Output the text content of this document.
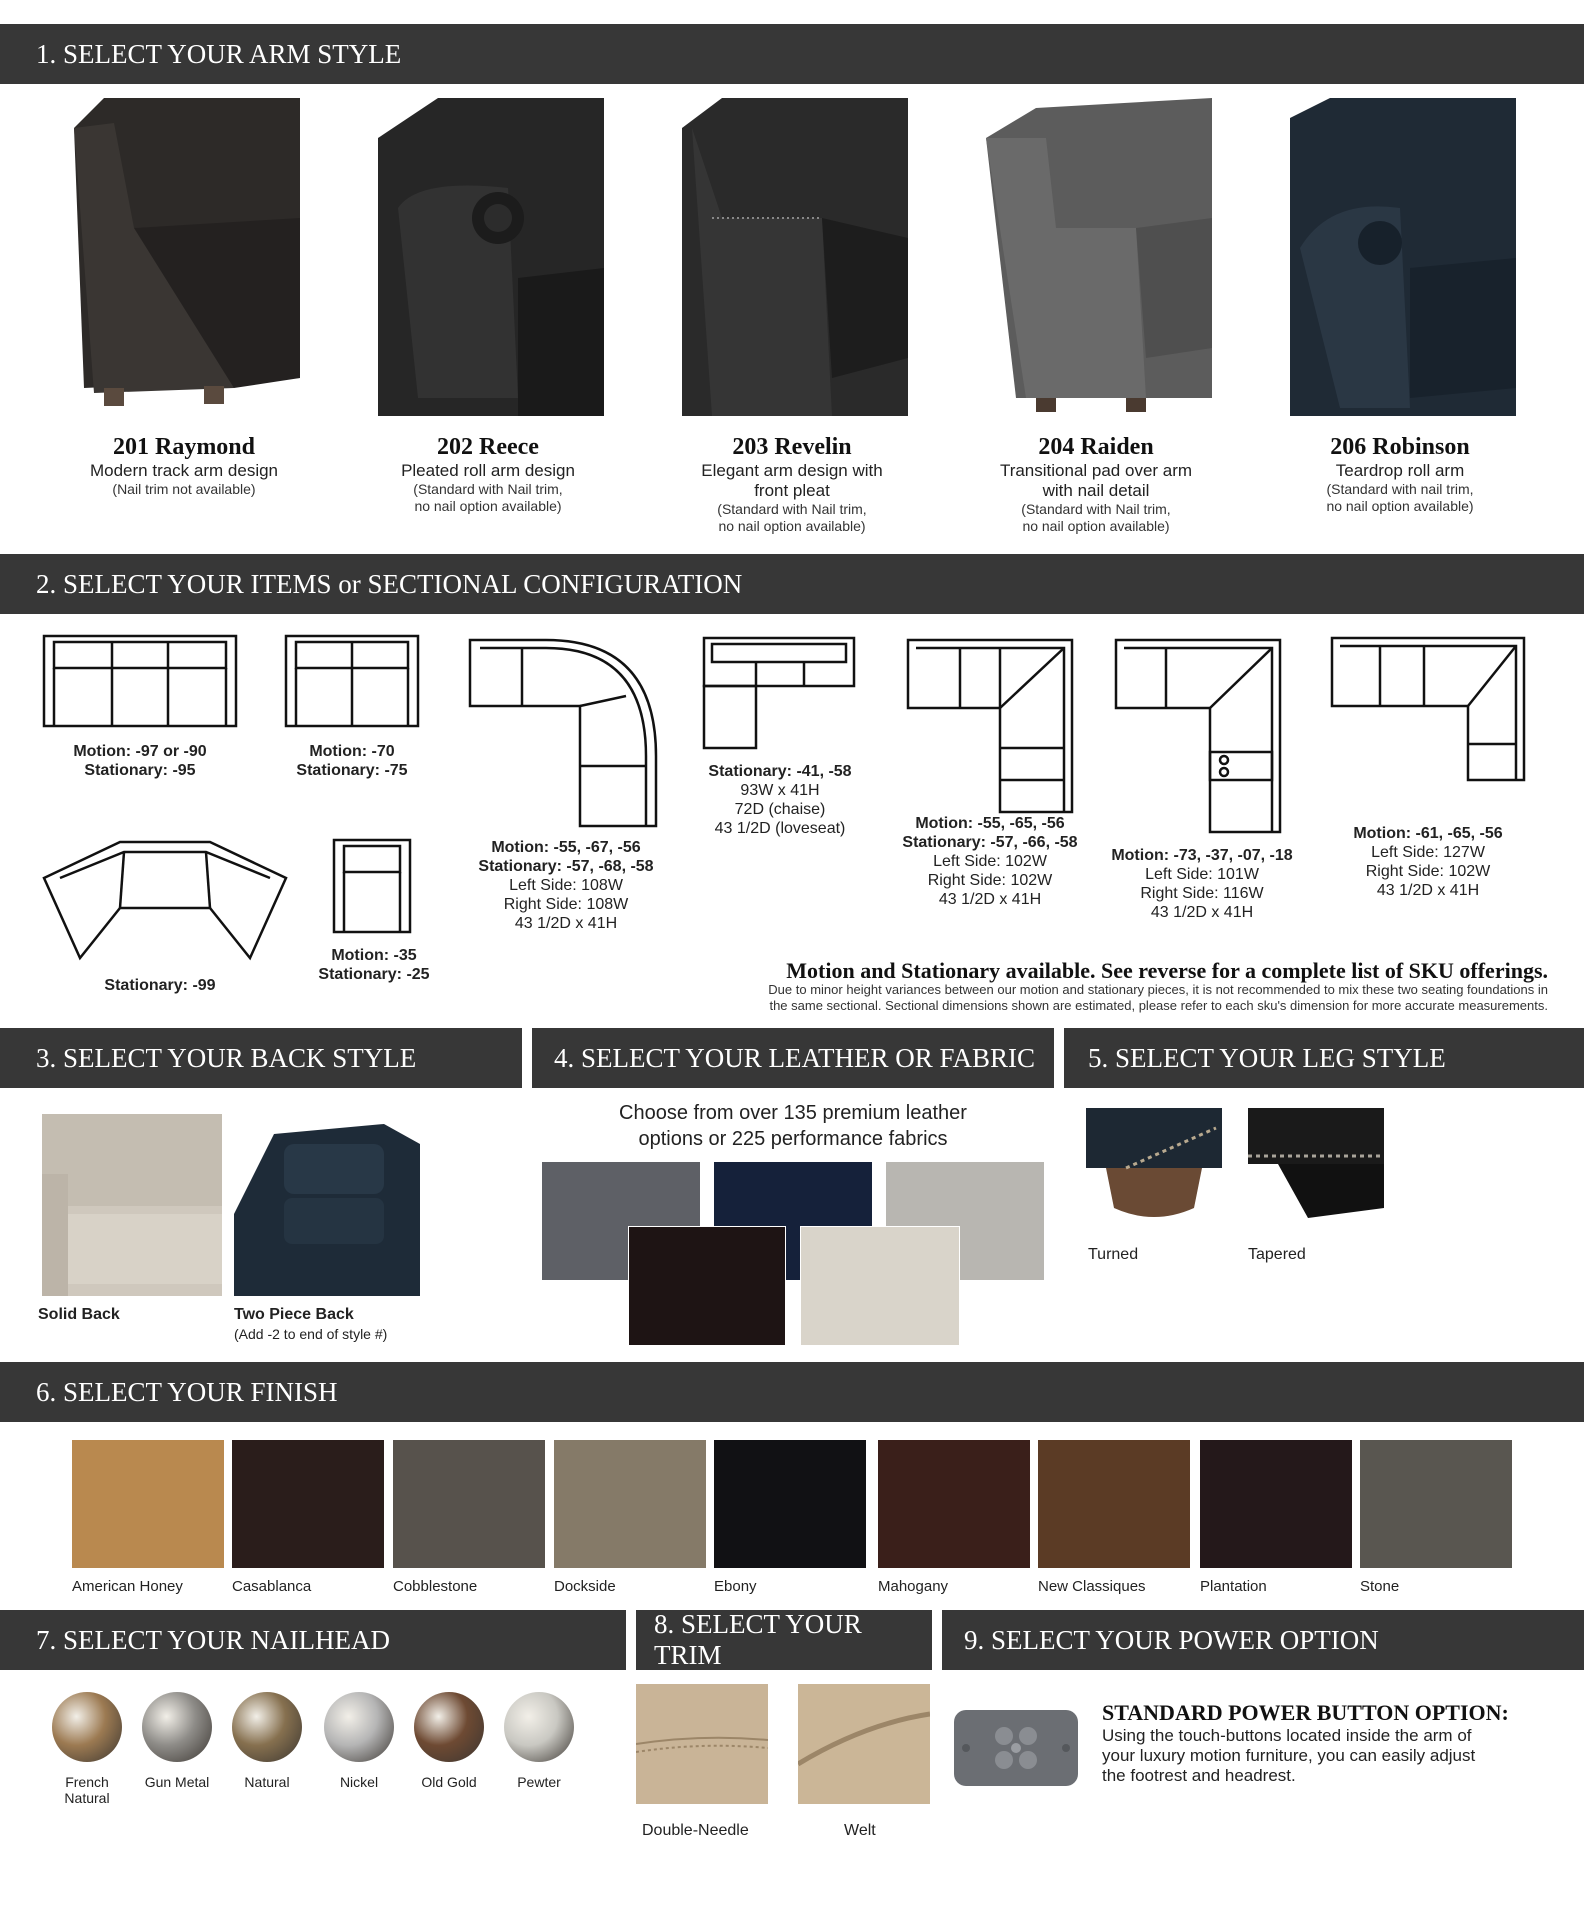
1. SELECT YOUR ARM STYLE
201 Raymond
Modern track arm design
(Nail trim not available)
202 Reece
Pleated roll arm design
(Standard with Nail trim,
no nail option available)
203 Revelin
Elegant arm design with
front pleat
(Standard with Nail trim,
no nail option available)
204 Raiden
Transitional pad over arm
with nail detail
(Standard with Nail trim,
no nail option available)
206 Robinson
Teardrop roll arm
(Standard with nail trim,
no nail option available)
2. SELECT YOUR ITEMS or SECTIONAL CONFIGURATION
Motion: -97 or -90
Stationary: -95
Motion: -70
Stationary: -75
Motion: -55, -67, -56
Stationary: -57, -68, -58
Left Side: 108W
Right Side: 108W
43 1/2D x 41H
Stationary: -41, -58
93W x 41H
72D (chaise)
43 1/2D (loveseat)	Motion: -55, -65, -56
Stationary: -57, -66, -58
Left Side: 102W
Right Side: 102W
43 1/2D x 41H
Motion: -73, -37, -07, -18
Left Side: 101W
Right Side: 116W
43 1/2D x 41H
Motion: -61, -65, -56
Left Side: 127W
Right Side: 102W
43 1/2D x 41H
Stationary: -99
Motion: -35
Stationary: -25	Motion and Stationary available. See reverse for a complete list of SKU offerings.
Due to minor height variances between our motion and stationary pieces, it is not recommended to mix these two seating foundations in
the same sectional. Sectional dimensions shown are estimated, please refer to each sku's dimension for more accurate measurements.
3. SELECT YOUR BACK STYLE	4. SELECT YOUR LEATHER OR FABRIC 5. SELECT YOUR LEG STYLE
Solid Back	Two Piece Back
(Add -2 to end of style #)
Choose from over 135 premium leather
options or 225 performance fabrics
Turned	Tapered
6. SELECT YOUR FINISH
American Honey	Casablanca	Cobblestone	Dockside	Ebony	Mahogany	New Classiques	Plantation	Stone
7. SELECT YOUR NAILHEAD
8. SELECT YOUR TRIM
9. SELECT YOUR POWER OPTION
French
Natural
Gun Metal	Natural	Nickel	Old Gold	Pewter
Double-Needle	Welt
STANDARD POWER BUTTON OPTION:
Using the touch-buttons located inside the arm of
your luxury motion furniture, you can easily adjust
the footrest and headrest.
